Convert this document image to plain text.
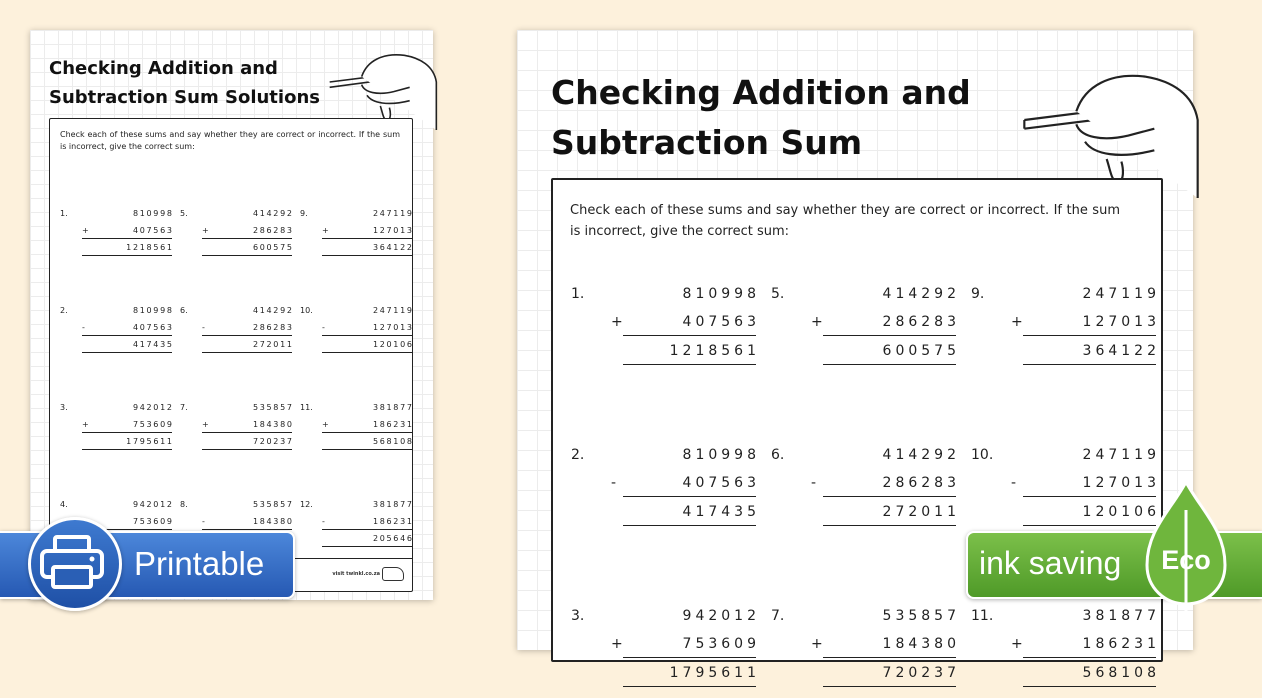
Checking Addition and
Subtraction Sum Solutions

Check each of these sums and say whether they are correct or incorrect. If the sum is incorrect, give the correct sum:

1.
+
810998
407563
1218561
2.
-
810998
407563
417435
3.
+
942012
753609
1795611
4.	942012
753609
5.
+
414292
286283
600575
6.
-
414292
286283
272011
7.
+
535857
184380
720237
8.
-
535857
184380
9.
+
247119
127013
364122
10.
-
247119
127013
120106
11.
+
381877
186231
568108
12.
-
381877
186231
205646
visit twinkl.co.za
Checking Addition and
Subtraction Sum

Check each of these sums and say whether they are correct or incorrect. If the sum is incorrect, give the correct sum:

1.
+
810998
407563
1218561
2.
-
810998
407563
417435
3.
+
942012
753609
1795611
5.
+
414292
286283
600575
6.
-
414292
286283
272011
7.
+
535857
184380
720237
9.
+
247119
127013
364122
10.
-
247119
127013
120106
11.
+
381877
186231
568108
Printable	ink saving Eco
